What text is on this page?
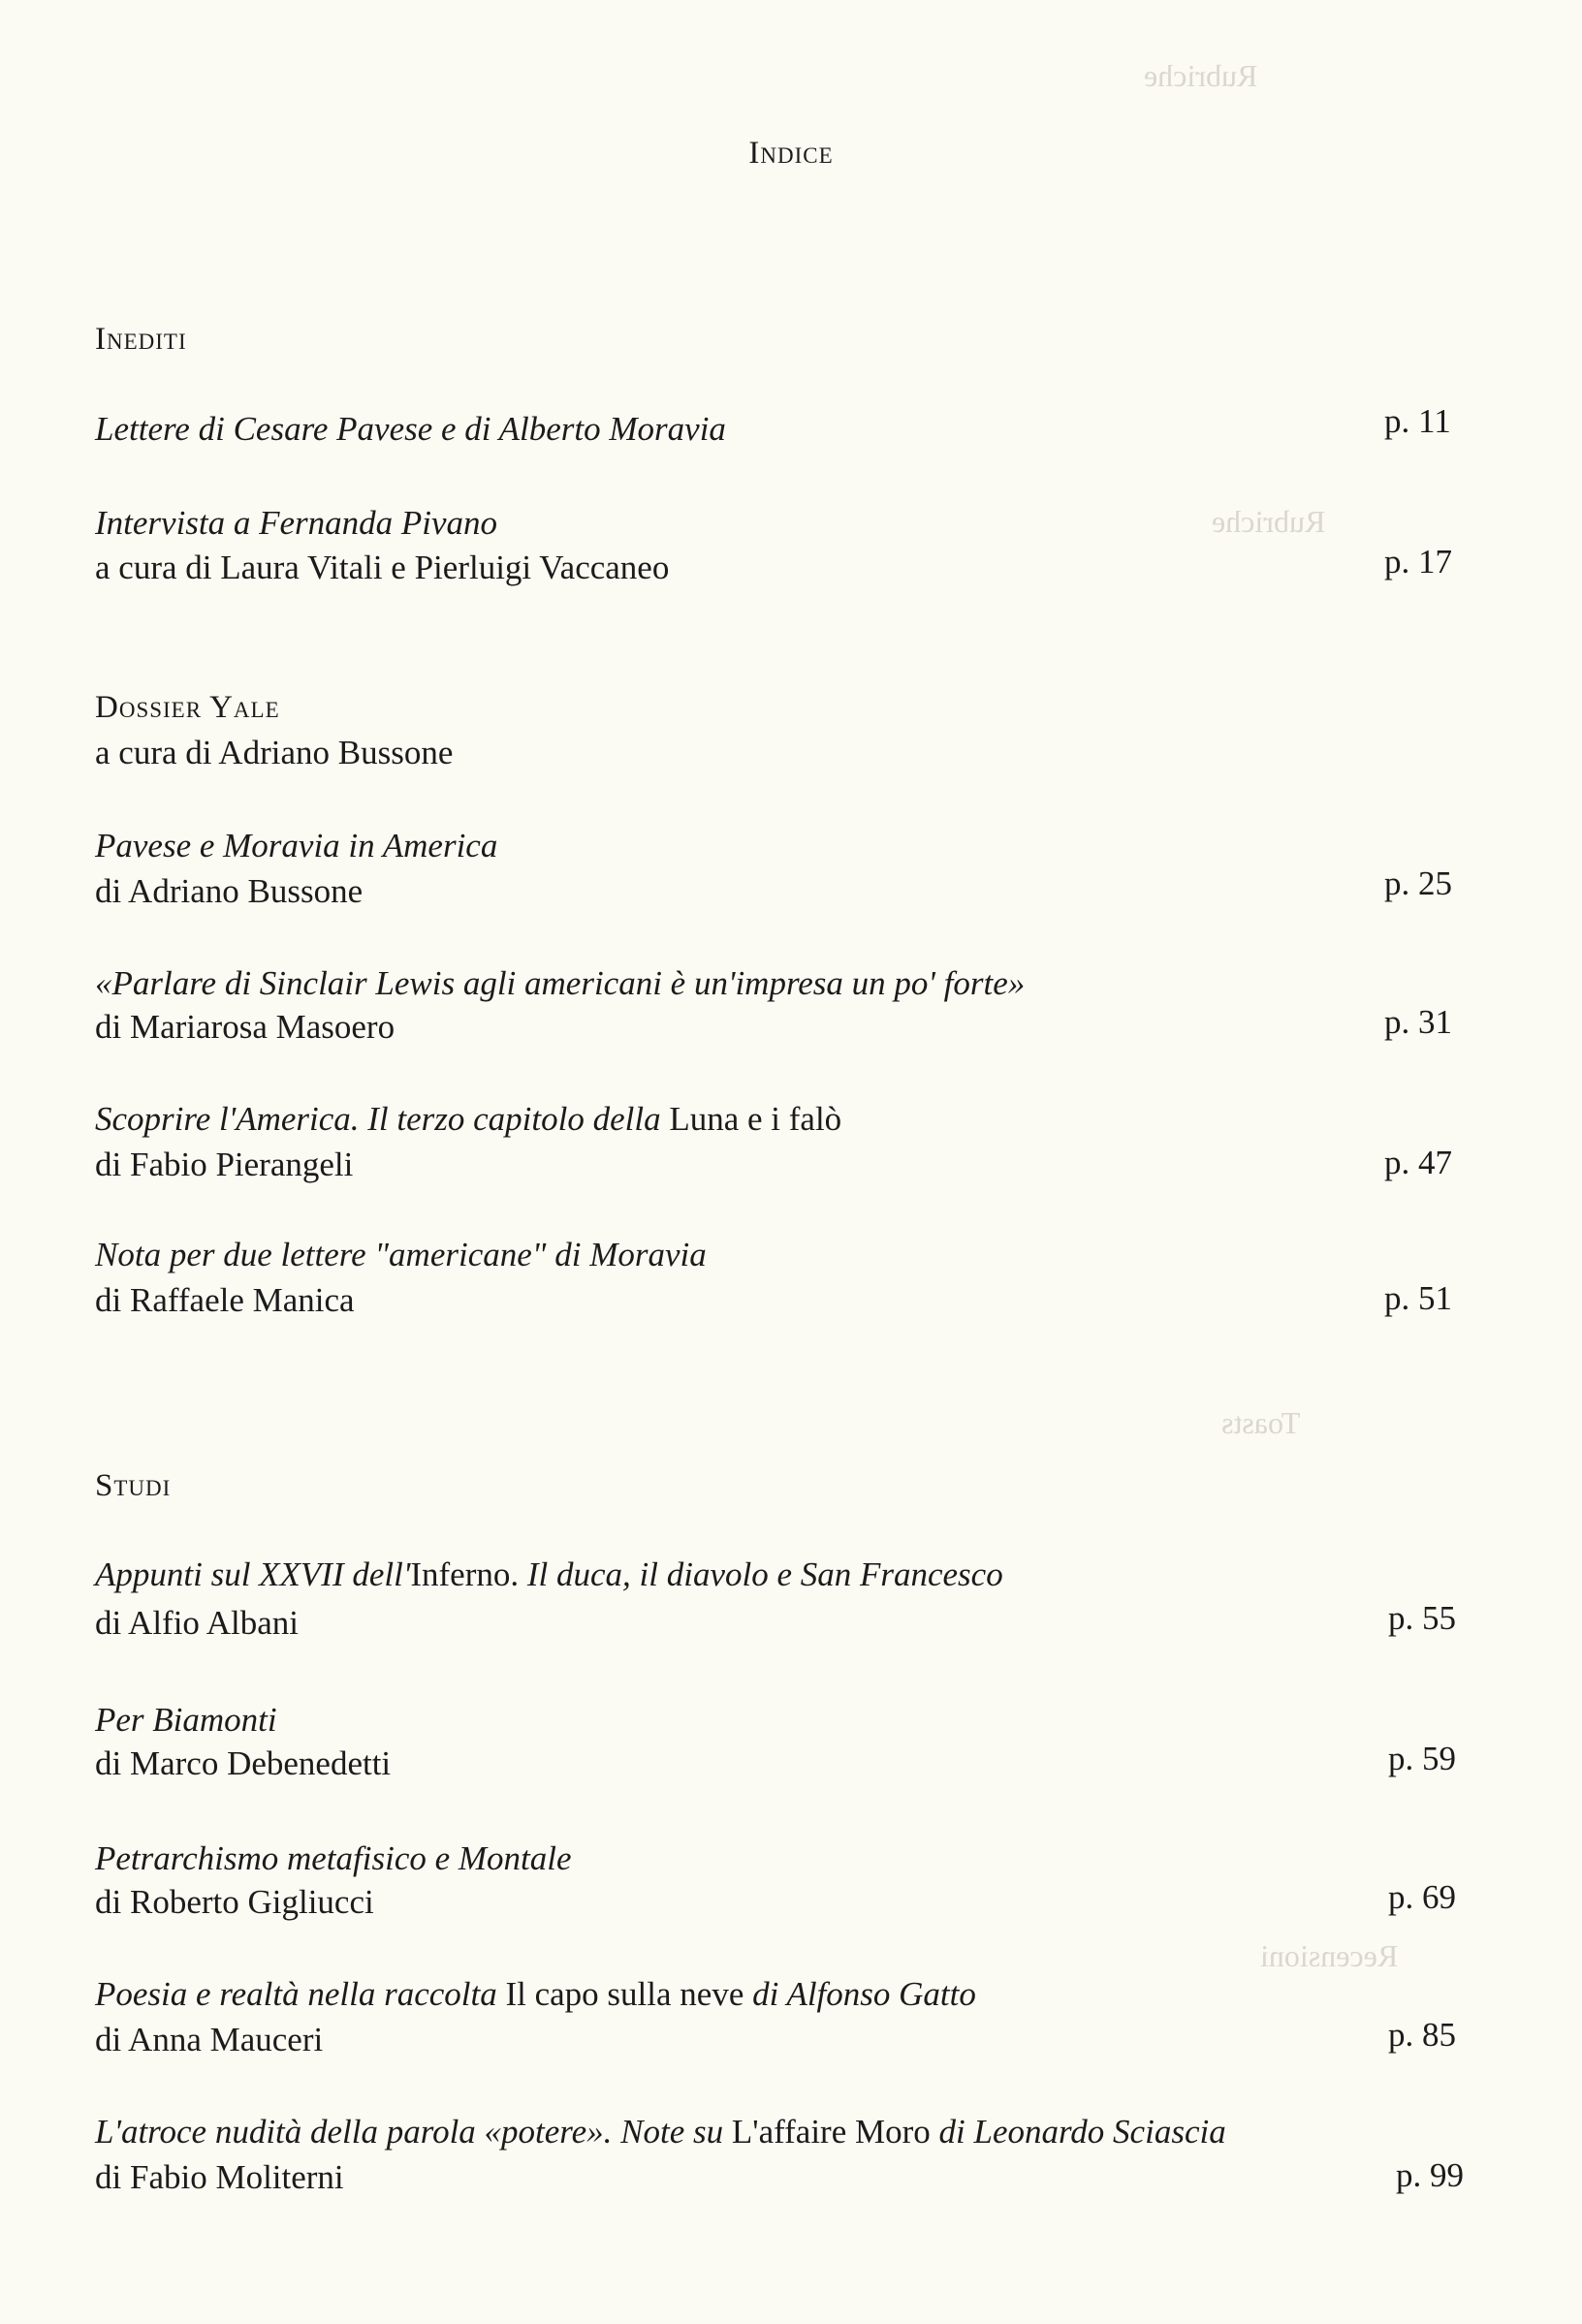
Rubriche
Rubriche
Toasts
Recensioni
Indice
Inediti
Lettere di Cesare Pavese e di Alberto Moravia	p. 11
Intervista a Fernanda Pivano
a cura di Laura Vitali e Pierluigi Vaccaneo	p. 17
Dossier Yale
a cura di Adriano Bussone
Pavese e Moravia in America
di Adriano Bussone	p. 25
«Parlare di Sinclair Lewis agli americani è un'impresa un po' forte»
di Mariarosa Masoero	p. 31
Scoprire l'America. Il terzo capitolo della Luna e i falò
di Fabio Pierangeli	p. 47
Nota per due lettere "americane" di Moravia
di Raffaele Manica	p. 51
Studi
Appunti sul XXVII dell'Inferno. Il duca, il diavolo e San Francesco
di Alfio Albani	p. 55
Per Biamonti
di Marco Debenedetti	p. 59
Petrarchismo metafisico e Montale
di Roberto Gigliucci	p. 69
Poesia e realtà nella raccolta Il capo sulla neve di Alfonso Gatto
di Anna Mauceri	p. 85
L'atroce nudità della parola «potere». Note su L'affaire Moro di Leonardo Sciascia
di Fabio Moliterni	p. 99
